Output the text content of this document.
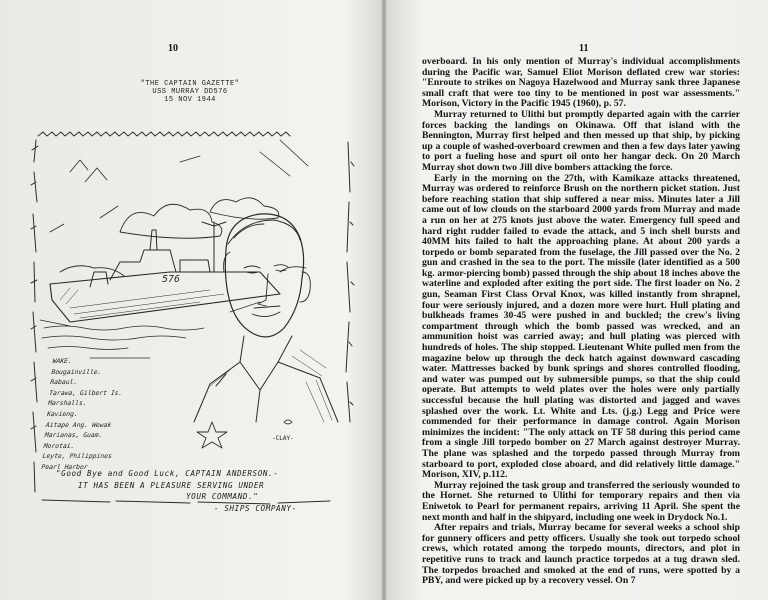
10
"THE CAPTAIN GAZETTE"
USS MURRAY DD576
15 NOV 1944
576
WAKE.
Bougainville.
Rabaul.
Tarawa, Gilbert Is.
Marshalls.
Kavieng.
Aitape Ang. Wewak
Marianas, Guam.
Morotai.
Leyte, Philippines
Pearl Harbor
-CLAY-
"Good Bye and Good Luck, CAPTAIN ANDERSON.-
IT HAS BEEN A PLEASURE SERVING UNDER
YOUR COMMAND."
- SHIPS COMPANY-
11

overboard. In his only mention of Murray's individual accomplishments during the Pacific war, Samuel Eliot Morison deflated crew war stories: "Enroute to strikes on Nagoya Hazelwood and Murray sank three Japanese small craft that were too tiny to be mentioned in post war assessments." Morison, Victory in the Pacific 1945 (1960), p. 57.

Murray returned to Ulithi but promptly departed again with the carrier forces backing the landings on Okinawa. Off that island with the Bennington, Murray first helped and then messed up that ship, by picking up a couple of washed-overboard crewmen and then a few days later yawing to port a fueling hose and spurt oil onto her hangar deck. On 20 March Murray shot down two Jill dive bombers attacking the force.

Early in the morning on the 27th, with Kamikaze attacks threatened, Murray was ordered to reinforce Brush on the northern picket station. Just before reaching station that ship suffered a near miss. Minutes later a Jill came out of low clouds on the starboard 2000 yards from Murray and made a run on her at 275 knots just above the water. Emergency full speed and hard right rudder failed to evade the attack, and 5 inch shell bursts and 40MM hits failed to halt the approaching plane. At about 200 yards a torpedo or bomb separated from the fuselage, the Jill passed over the No. 2 gun and crashed in the sea to the port. The missile (later identified as a 500 kg. armor-piercing bomb) passed through the ship about 18 inches above the waterline and exploded after exiting the port side. The first loader on No. 2 gun, Seaman First Class Orval Knox, was killed instantly from shrapnel, four were seriously injured, and a dozen more were hurt. Hull plating and bulkheads frames 30-45 were pushed in and buckled; the crew's living compartment through which the bomb passed was wrecked, and an ammunition hoist was carried away; and hull plating was pierced with hundreds of holes. The ship stopped. Lieutenant White pulled men from the magazine below up through the deck hatch against downward cascading water. Mattresses backed by bunk springs and shores controlled flooding, and water was pumped out by submersible pumps, so that the ship could operate. But attempts to weld plates over the holes were only partially successful because the hull plating was distorted and jagged and waves splashed over the work. Lt. White and Lts. (j.g.) Legg and Price were commended for their performance in damage control. Again Morison minimizes the incident: "The only attack on TF 58 during this period came from a single Jill torpedo bomber on 27 March against destroyer Murray. The plane was splashed and the torpedo passed through Murray from starboard to port, exploded close aboard, and did relatively little damage." Morison, XIV, p.112.

Murray rejoined the task group and transferred the seriously wounded to the Hornet. She returned to Ulithi for temporary repairs and then via Eniwetok to Pearl for permanent repairs, arriving 11 April. She spent the next month and half in the shipyard, including one week in Drydock No.1.

After repairs and trials, Murray became for several weeks a school ship for gunnery officers and petty officers. Usually she took out torpedo school crews, which rotated among the torpedo mounts, directors, and plot in repetitive runs to track and launch practice torpedos at a tug drawn sled. The torpedos broached and smoked at the end of runs, were spotted by a PBY, and were picked up by a recovery vessel. On 7
